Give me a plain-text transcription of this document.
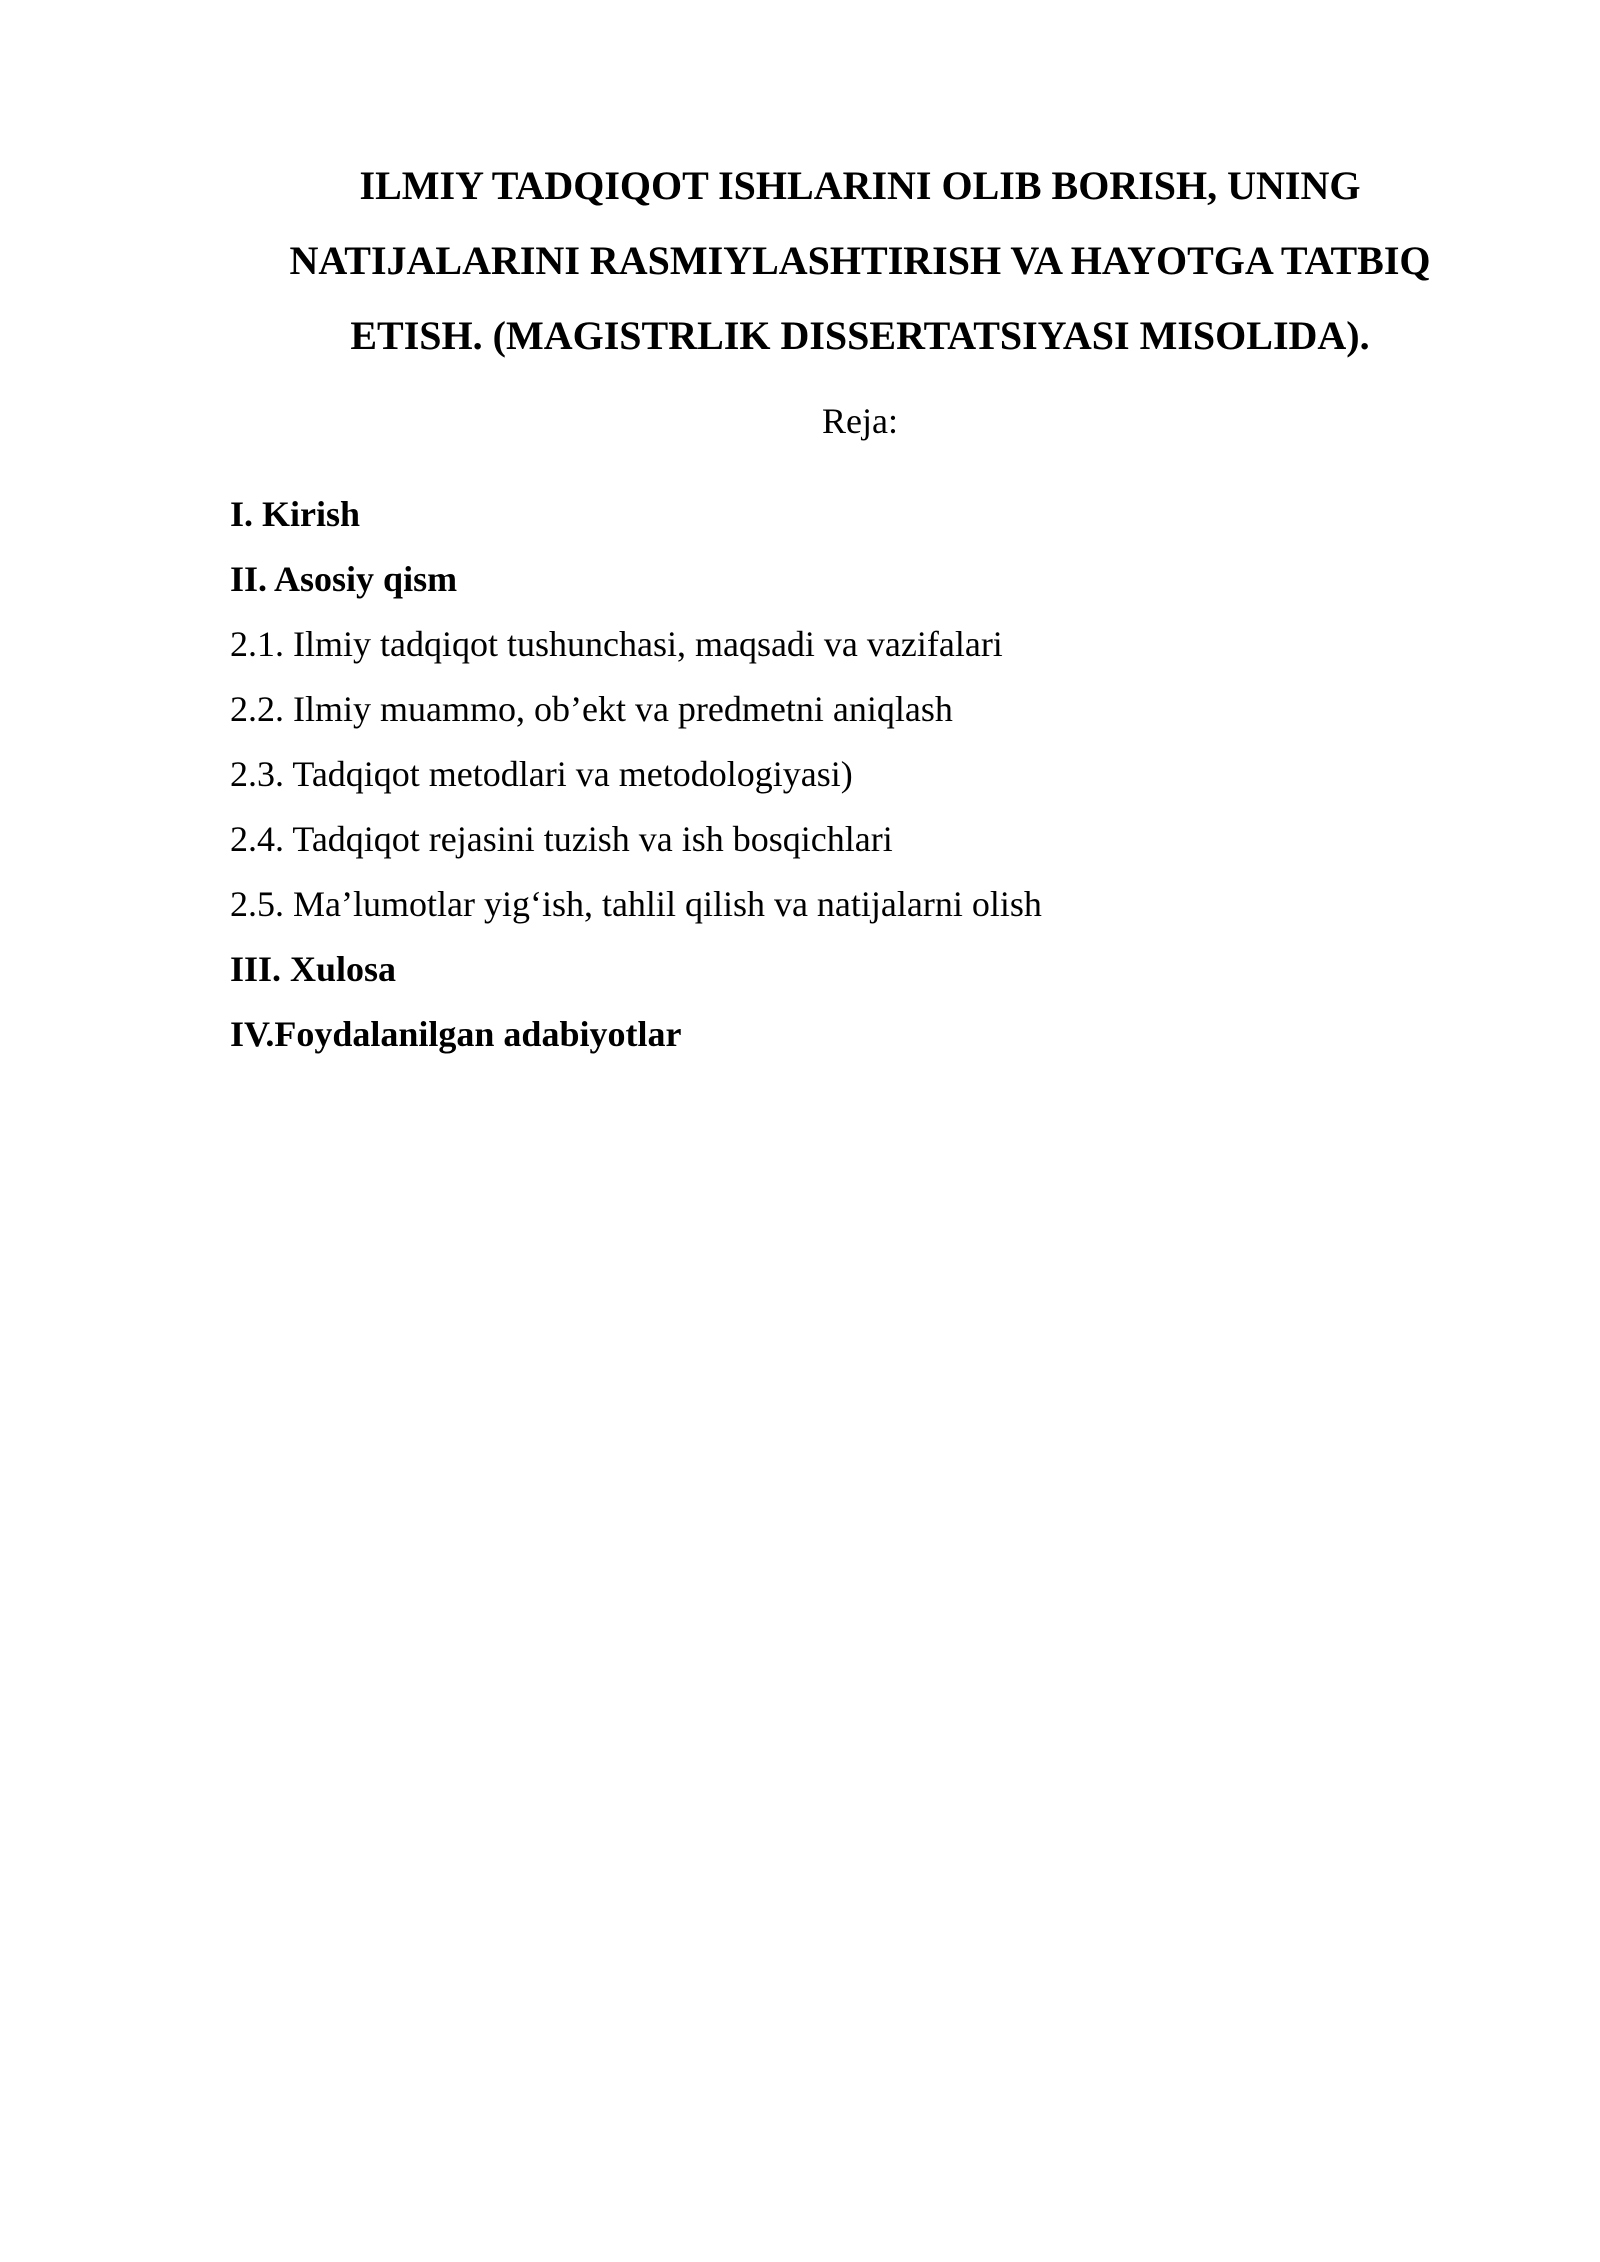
ILMIY TADQIQOT ISHLARINI OLIB BORISH, UNING
NATIJALARINI RASMIYLASHTIRISH VA HAYOTGA TATBIQ
ETISH. (MAGISTRLIK DISSERTATSIYASI MISOLIDA).

Reja:

I. Kirish
II. Asosiy qism
2.1. Ilmiy tadqiqot tushunchasi, maqsadi va vazifalari
2.2. Ilmiy muammo, ob’ekt va predmetni aniqlash
2.3. Tadqiqot metodlari va metodologiyasi)
2.4. Tadqiqot rejasini tuzish va ish bosqichlari
2.5. Ma’lumotlar yig‘ish, tahlil qilish va natijalarni olish
III. Xulosa
IV.Foydalanilgan adabiyotlar
